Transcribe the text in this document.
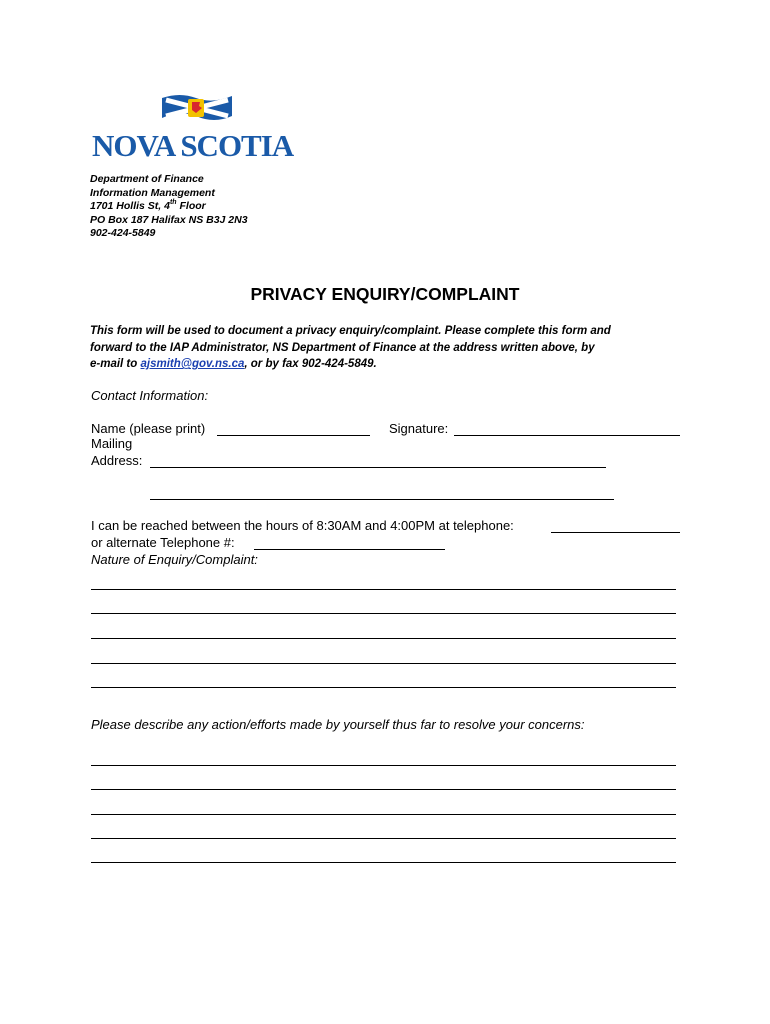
NOVA SCOTIA
Department of Finance
Information Management
1701 Hollis St, 4th Floor
PO Box 187 Halifax NS B3J 2N3
902-424-5849
PRIVACY ENQUIRY/COMPLAINT
This form will be used to document a privacy enquiry/complaint. Please complete this form and
forward to the IAP Administrator, NS Department of Finance at the address written above, by
e-mail to ajsmith@gov.ns.ca, or by fax 902-424-5849.
Contact Information:
Name (please print)	Signature:
Mailing
Address:
I can be reached between the hours of 8:30AM and 4:00PM at telephone:
or alternate Telephone #:
Nature of Enquiry/Complaint:
Please describe any action/efforts made by yourself thus far to resolve your concerns:
